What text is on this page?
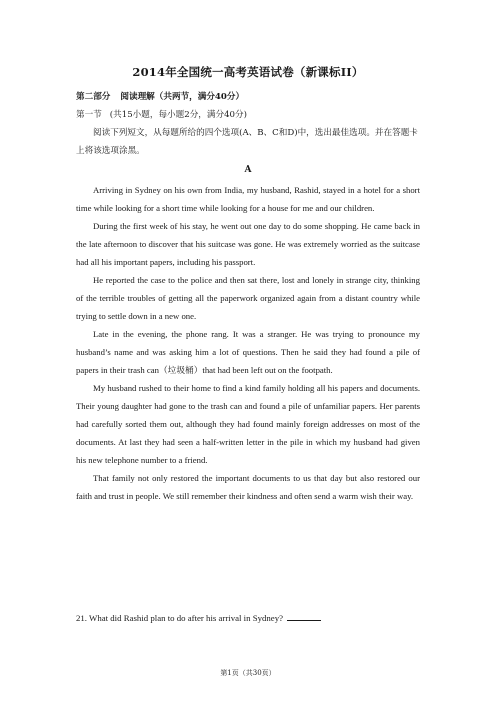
2014年全国统一高考英语试卷（新课标II）
第二部分 阅读理解（共两节，满分40分）
第一节 (共15小题，每小题2分，满分40分)

阅读下列短文，从每题所给的四个选项(A、B、C和D)中，选出最佳选项。并在答题卡上将该选项涂黑。

A

Arriving in Sydney on his own from India, my husband, Rashid, stayed in a hotel for a short time while looking for a short time while looking for a house for me and our children.

During the first week of his stay, he went out one day to do some shopping. He came back in the late afternoon to discover that his suitcase was gone. He was extremely worried as the suitcase had all his important papers, including his passport.

He reported the case to the police and then sat there, lost and lonely in strange city, thinking of the terrible troubles of getting all the paperwork organized again from a distant country while trying to settle down in a new one.

Late in the evening, the phone rang. It was a stranger. He was trying to pronounce my husband’s name and was asking him a lot of questions. Then he said they had found a pile of papers in their trash can（垃圾桶）that had been left out on the footpath.

My husband rushed to their home to find a kind family holding all his papers and documents. Their young daughter had gone to the trash can and found a pile of unfamiliar papers. Her parents had carefully sorted them out, although they had found mainly foreign addresses on most of the documents. At last they had seen a half-written letter in the pile in which my husband had given his new telephone number to a friend.

That family not only restored the important documents to us that day but also restored our faith and trust in people. We still remember their kindness and often send a warm wish their way.

21. What did Rashid plan to do after his arrival in Sydney?
第1页（共30页）
